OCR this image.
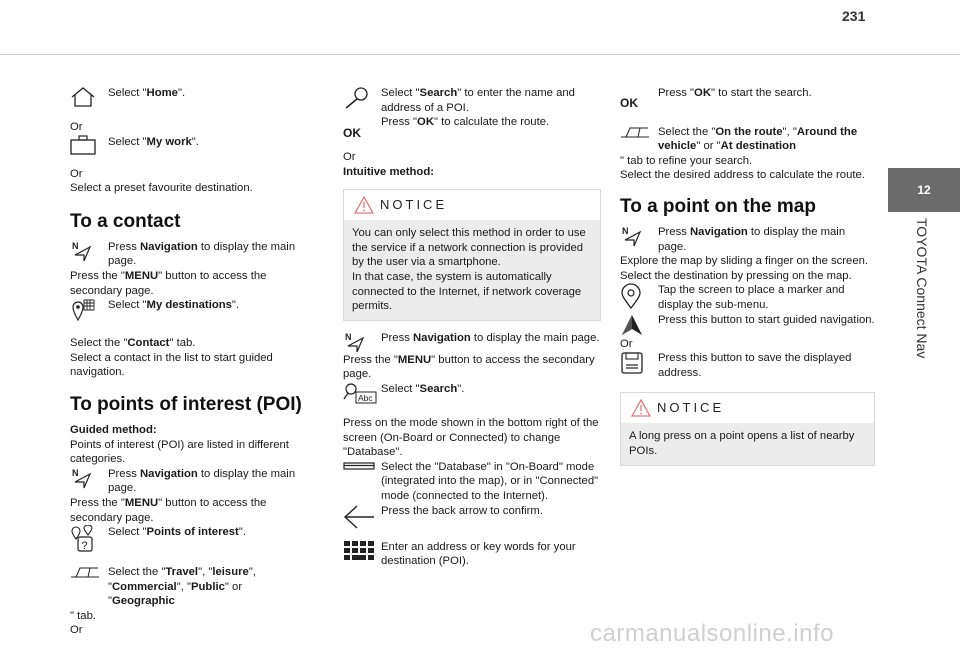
231
12
TOYOTA Connect Nav

Select "Home".

Or

Select "My work".

Or

Select a preset favourite destination.

To a contact
N	Press Navigation to display the main page.

Press the "MENU" button to access the secondary page.

Select "My destinations".

Select the "Contact" tab.

Select a contact in the list to start guided navigation.

To points of interest (POI)

Guided method:

Points of interest (POI) are listed in different categories.

N	Press Navigation to display the main page.

Press the "MENU" button to access the secondary page.

?

Select "Points of interest".

Select the "Travel", "leisure", "Commercial", "Public" or "Geographic

" tab.

Or

OK

Select "Search" to enter the name and address of a POI.

Press "OK" to calculate the route.

Or

Intuitive method:

NOTICE
You can only select this method in order to use the service if a network connection is provided by the user via a smartphone.
In that case, the system is automatically connected to the Internet, if network coverage permits.
N	Press Navigation to display the main page.

Press the "MENU" button to access the secondary page.

Abc

Select "Search".

Press on the mode shown in the bottom right of the screen (On-Board or Connected) to change "Database".

Select the "Database" in "On-Board" mode (integrated into the map), or in "Connected" mode (connected to the Internet).

Press the back arrow to confirm.

Enter an address or key words for your destination (POI).

OK

Press "OK" to start the search.

Select the "On the route", "Around the vehicle" or "At destination

" tab to refine your search.

Select the desired address to calculate the route.

To a point on the map
N	Press Navigation to display the main page.

Explore the map by sliding a finger on the screen.

Select the destination by pressing on the map.

Tap the screen to place a marker and display the sub-menu.

Press this button to start guided navigation.

Or

Press this button to save the displayed address.

NOTICE
A long press on a point opens a list of nearby POIs.
carmanualsonline.info
